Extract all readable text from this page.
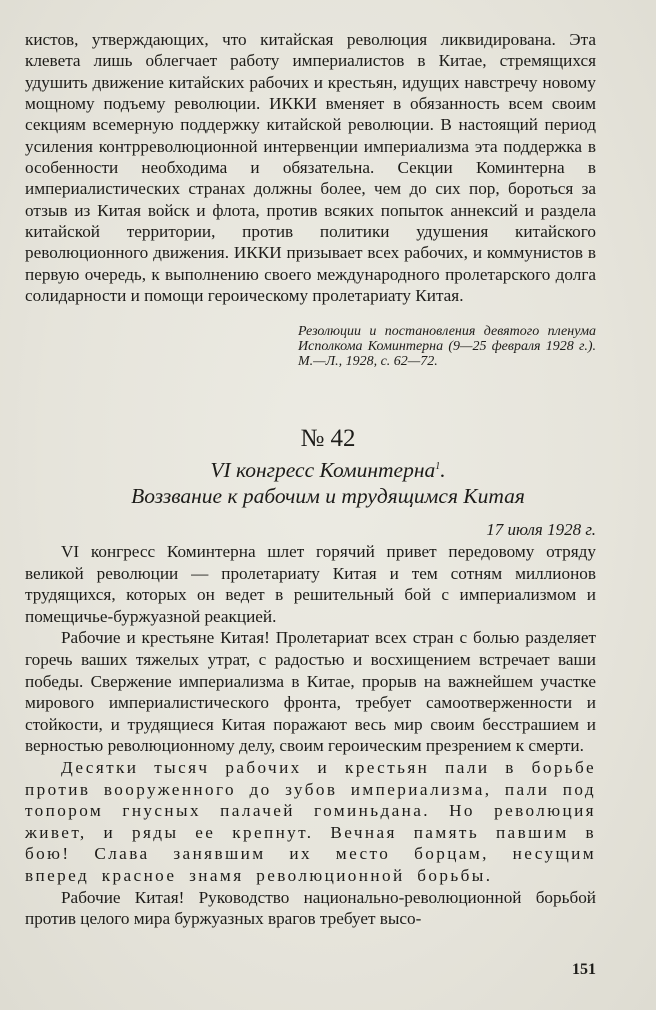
кистов, утверждающих, что китайская революция ликвидирована. Эта клевета лишь облегчает работу империалистов в Китае, стремящихся удушить движение китайских рабочих и крестьян, идущих навстречу новому мощному подъему революции. ИККИ вменяет в обязанность всем своим секциям всемерную поддержку китайской революции. В настоящий период усиления контрреволюционной интервенции империализма эта поддержка в особенности необходима и обязательна. Секции Коминтерна в империалистических странах должны более, чем до сих пор, бороться за отзыв из Китая войск и флота, против всяких попыток аннексий и раздела китайской территории, против политики удушения китайского революционного движения. ИККИ призывает всех рабочих, и коммунистов в первую очередь, к выполнению своего международного пролетарского долга солидарности и помощи героическому пролетариату Китая.
Резолюции и постановления девятого пленума Исполкома Коминтерна (9—25 февраля 1928 г.). М.—Л., 1928, с. 62—72.
№ 42
VI конгресс Коминтерна$^1$.
Воззвание к рабочим и трудящимся Китая
17 июля 1928 г.

VI конгресс Коминтерна шлет горячий привет передовому отряду великой революции — пролетариату Китая и тем сотням миллионов трудящихся, которых он ведет в решительный бой с империализмом и помещичье-буржуазной реакцией.

Рабочие и крестьяне Китая! Пролетариат всех стран с болью разделяет горечь ваших тяжелых утрат, с радостью и восхищением встречает ваши победы. Свержение империализма в Китае, прорыв на важнейшем участке мирового империалистического фронта, требует самоотверженности и стойкости, и трудящиеся Китая поражают весь мир своим бесстрашием и верностью революционному делу, своим героическим презрением к смерти.

Десятки тысяч рабочих и крестьян пали в борьбе против вооруженного до зубов империализма, пали под топором гнусных палачей гоминьдана. Но революция живет, и ряды ее крепнут. Вечная память павшим в бою! Слава занявшим их место борцам, несущим вперед красное знамя революционной борьбы.

Рабочие Китая! Руководство национально-революционной борьбой против целого мира буржуазных врагов требует высо-

151
